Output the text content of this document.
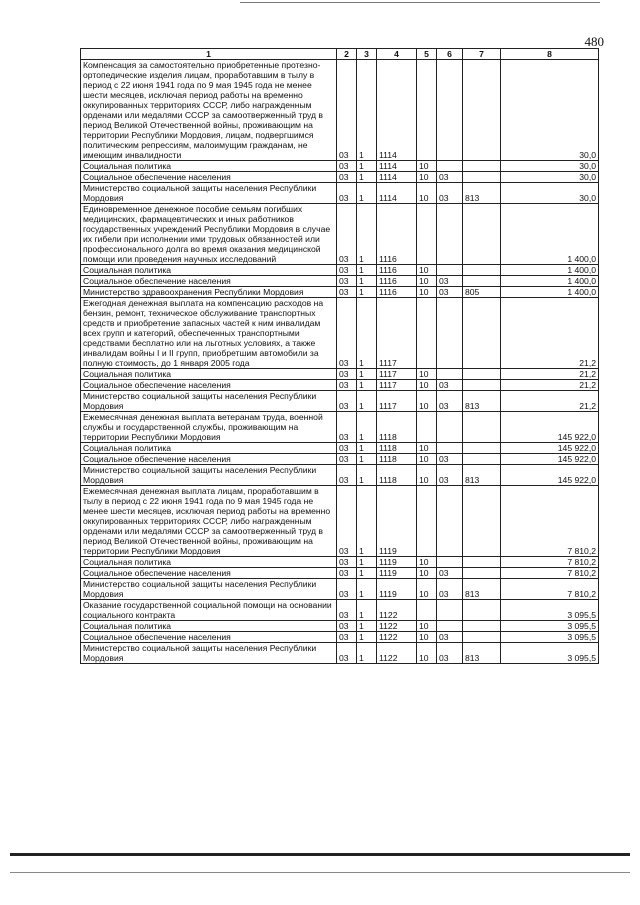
480
1	2	3	4	5	6	7	8
Компенсация за самостоятельно приобретенные протезно-ортопедические изделия лицам, проработавшим в тылу в период с 22 июня 1941 года по 9 мая 1945 года не менее шести месяцев, исключая период работы на временно оккупированных территориях СССР, либо награжденным орденами или медалями СССР за самоотверженный труд в период Великой Отечественной войны, проживающим на территории Республики Мордовия, лицам, подвергшимся политическим репрессиям, малоимущим гражданам, не имеющим инвалидности	03	1	1114				30,0
Социальная политика	03	1	1114	10			30,0
Социальное обеспечение населения	03	1	1114	10	03		30,0
Министерство социальной защиты населения Республики Мордовия	03	1	1114	10	03	813	30,0
Единовременное денежное пособие семьям погибших медицинских, фармацевтических и иных работников государственных учреждений Республики Мордовия в случае их гибели при исполнении ими трудовых обязанностей или профессионального долга во время оказания медицинской помощи или проведения научных исследований	03	1	1116				1 400,0
Социальная политика	03	1	1116	10			1 400,0
Социальное обеспечение населения	03	1	1116	10	03		1 400,0
Министерство здравоохранения Республики Мордовия	03	1	1116	10	03	805	1 400,0
Ежегодная денежная выплата на компенсацию расходов на бензин, ремонт, техническое обслуживание транспортных средств и приобретение запасных частей к ним инвалидам всех групп и категорий, обеспеченных транспортными средствами бесплатно или на льготных условиях, а также инвалидам войны I и II групп, приобретшим автомобили за полную стоимость, до 1 января 2005 года	03	1	1117				21,2
Социальная политика	03	1	1117	10			21,2
Социальное обеспечение населения	03	1	1117	10	03		21,2
Министерство социальной защиты населения Республики Мордовия	03	1	1117	10	03	813	21,2
Ежемесячная денежная выплата ветеранам труда, военной службы и государственной службы, проживающим на территории Республики Мордовия	03	1	1118				145 922,0
Социальная политика	03	1	1118	10			145 922,0
Социальное обеспечение населения	03	1	1118	10	03		145 922,0
Министерство социальной защиты населения Республики Мордовия	03	1	1118	10	03	813	145 922,0
Ежемесячная денежная выплата лицам, проработавшим в тылу в период с 22 июня 1941 года по 9 мая 1945 года не менее шести месяцев, исключая период работы на временно оккупированных территориях СССР, либо награжденным орденами или медалями СССР за самоотверженный труд в период Великой Отечественной войны, проживающим на территории Республики Мордовия	03	1	1119				7 810,2
Социальная политика	03	1	1119	10			7 810,2
Социальное обеспечение населения	03	1	1119	10	03		7 810,2
Министерство социальной защиты населения Республики Мордовия	03	1	1119	10	03	813	7 810,2
Оказание государственной социальной помощи на основании социального контракта	03	1	1122				3 095,5
Социальная политика	03	1	1122	10			3 095,5
Социальное обеспечение населения	03	1	1122	10	03		3 095,5
Министерство социальной защиты населения Республики Мордовия	03	1	1122	10	03	813	3 095,5
